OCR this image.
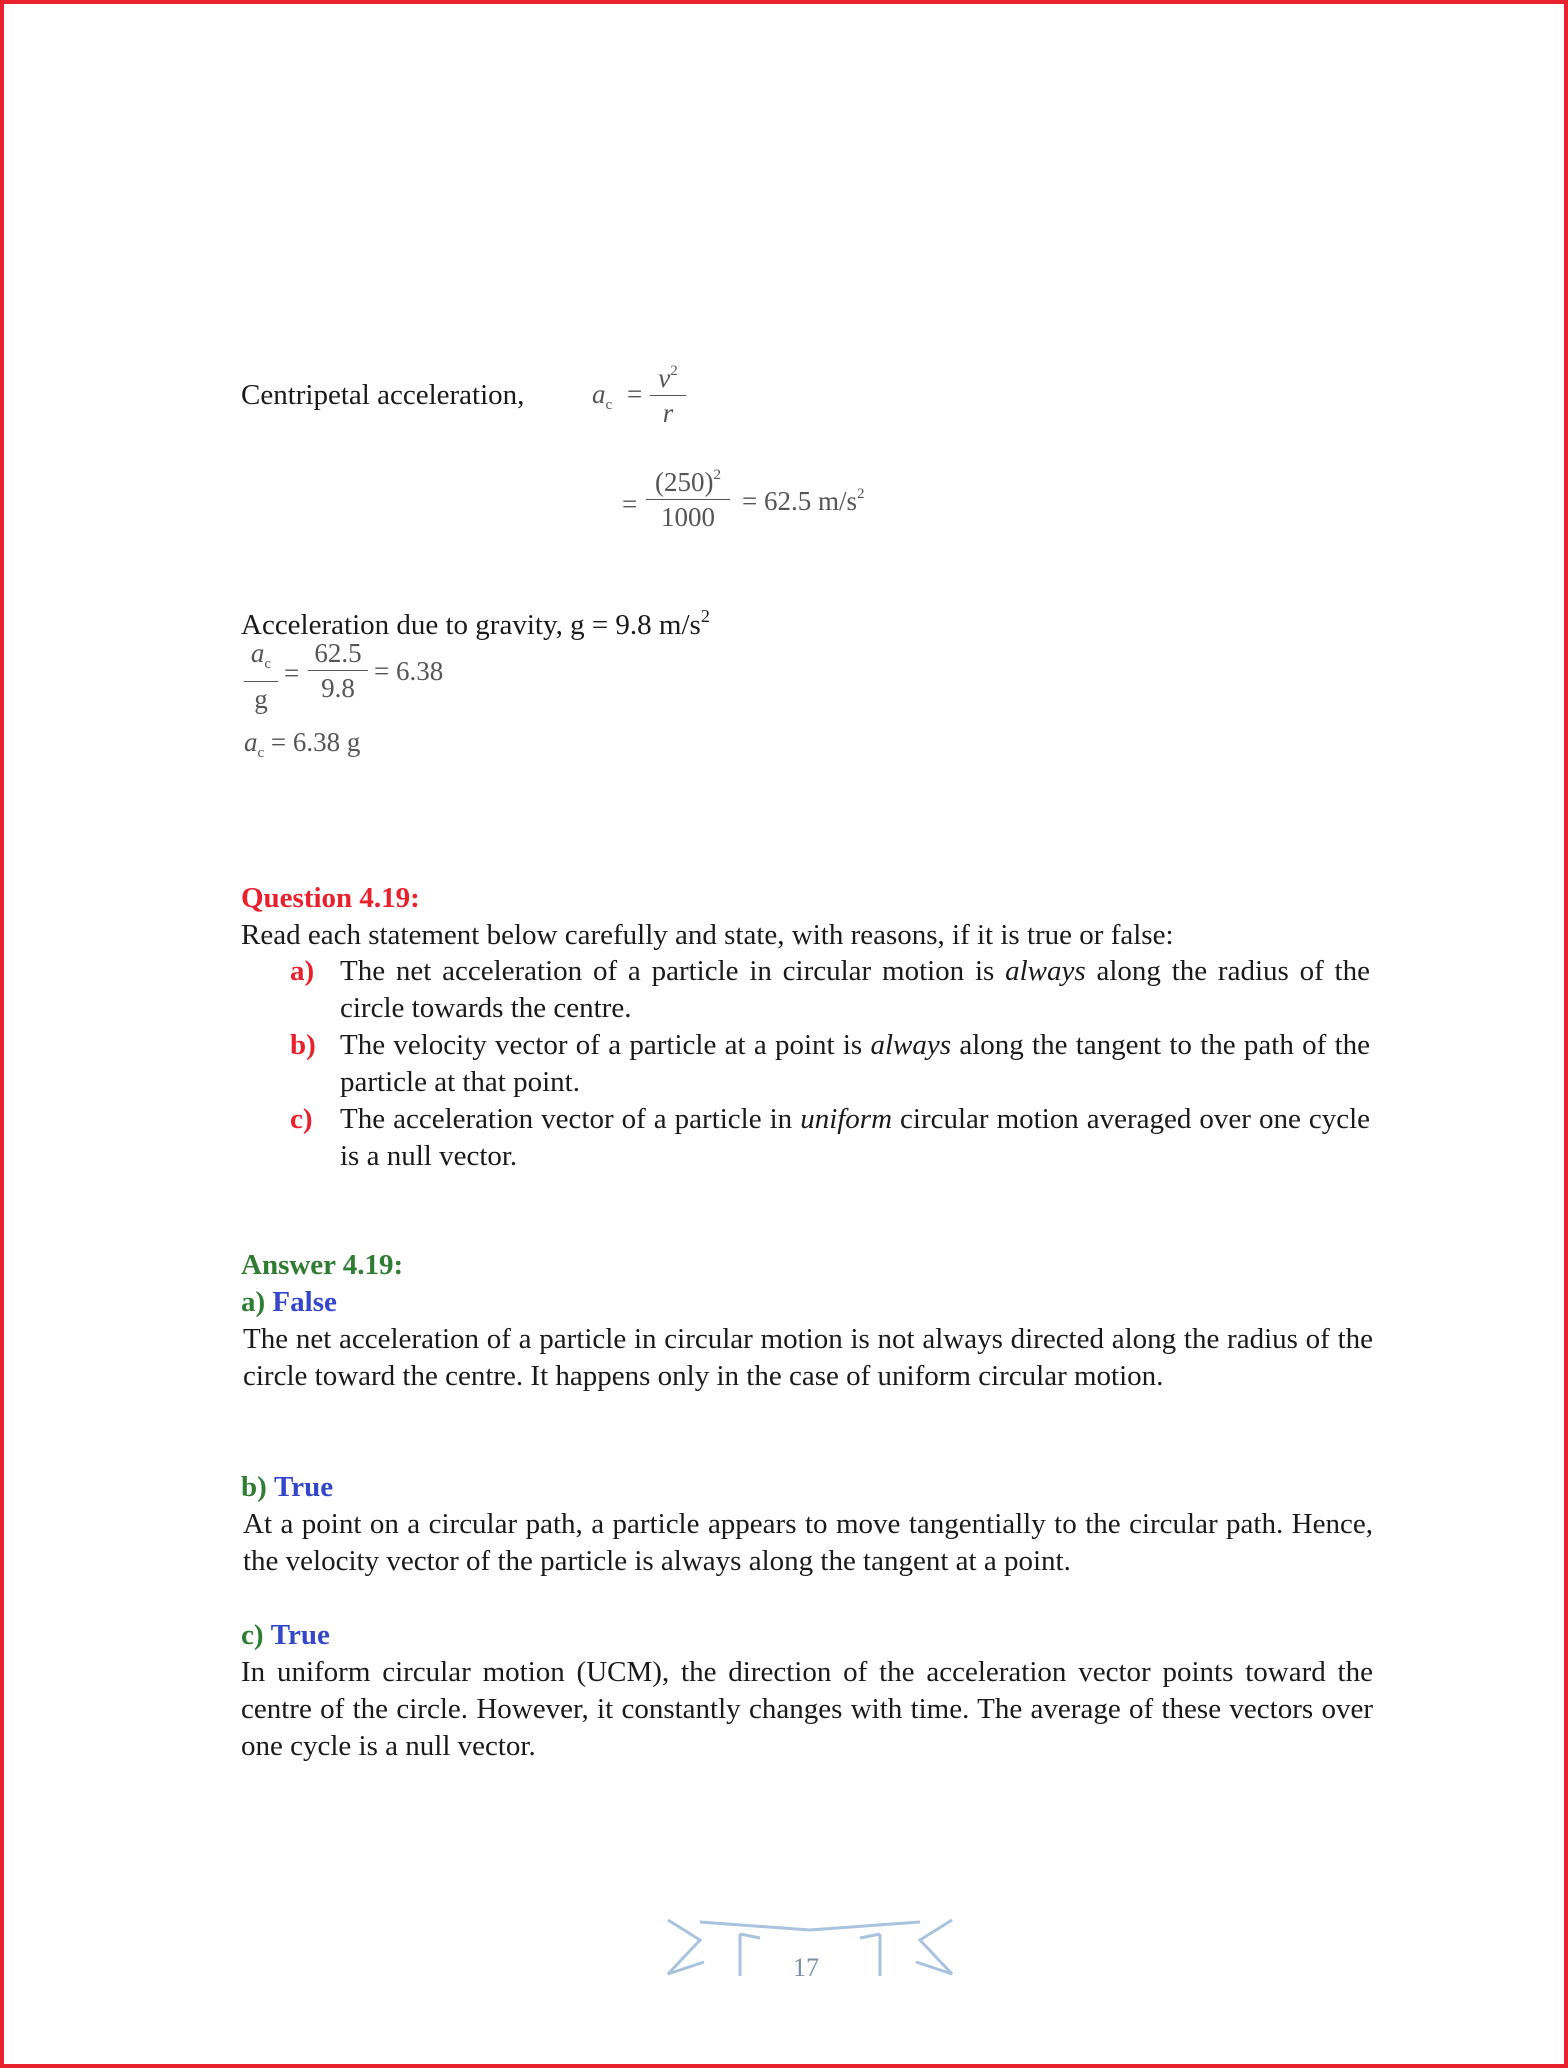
Centripetal acceleration,	$a_c$ =
$v^2$
r
=
$(250)^2$
1000
= 62.5 $m/s^2$
Acceleration due to gravity, g = 9.8 $m/s^2$
$a_c$
g
=
62.5
9.8
= 6.38
$a_c = 6.38$ g
Question 4.19:
Read each statement below carefully and state, with reasons, if it is true or false:
a) The net acceleration of a particle in circular motion is always along the radius of the circle towards the centre.
b) The velocity vector of a particle at a point is always along the tangent to the path of the particle at that point.
c) The acceleration vector of a particle in uniform circular motion averaged over one cycle is a null vector.
Answer 4.19:
a) False
The net acceleration of a particle in circular motion is not always directed along the radius of the circle toward the centre. It happens only in the case of uniform circular motion.
b) True
At a point on a circular path, a particle appears to move tangentially to the circular path. Hence, the velocity vector of the particle is always along the tangent at a point.
c) True
In uniform circular motion (UCM), the direction of the acceleration vector points toward the centre of the circle. However, it constantly changes with time. The average of these vectors over one cycle is a null vector.
17
